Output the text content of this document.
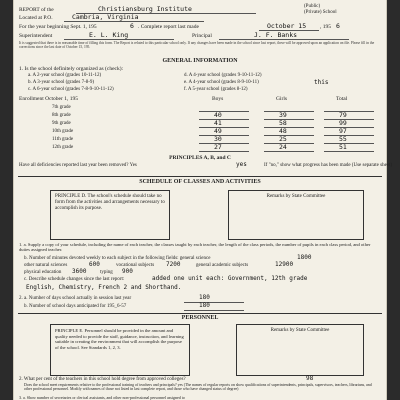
(Public)
REPORT of the	Christiansburg Institute	(Private) School
Located at P.O.	Cambria, Virginia
For the year beginning Sept. 1, 195	6 . Complete report last made	October 15	, 195 6
Superintendent	E. L. King	Principal	J. F. Banks
It is suggested that there is in reasonable time of filling this form. The Report is related to this particular school only. If any changes have been made in the school since last report, these will be approved upon an application on file. Please fill in the corrections since the last date of October 15, 195.
GENERAL INFORMATION
1. Is the school definitely organized as (check):
a. A 2-year school (grades 10-11-12)
b. A 3-year school (grades 7-8-9)
c. A 6-year school (grades 7-8-9-10-11-12)
d. A 4-year school (grades 9-10-11-12)
e. A 4-year school (grades 8-9-10-11)
f. A 5-year school (grades 8-12)
this
Enrollment October 1, 195	Boys	Girls	Total
7th grade
8th grade	40	39	79
9th grade	41	58	99
10th grade	49	48	97
11th grade	30	25	55
12th grade	27	24	51
PRINCIPLES A, B, and C
Have all deficiencies reported last year been removed? Yes	yes	If "no," show what progress has been made (Use separate sheet)
SCHEDULE OF CLASSES AND ACTIVITIES
PRINCIPLE D. The school's schedule should take no form from the activities and arrangements necessary to accomplish its purpose.
Remarks by State Committee
1. a. Supply a copy of your schedule, including the name of each teacher, the classes taught by each teacher, the length of the class periods, the number of pupils in each class period, and other duties assigned teacher.
b. Number of minutes devoted weekly to each subject in the following fields: general science	1800
other natural sciences	600	vocational subjects 7200	general academic subjects	12900
physical education 3600	typing 900
c. Describe schedule changes since the last report:	added one unit each: Government, 12th grade
English, Chemistry, French 2 and Shorthand.
2. a. Number of days school actually in session last year	180
b. Number of school days anticipated for 195_6-57	180
PERSONNEL
PRINCIPLE E. Personnel should be provided in the amount and quality needed to provide the staff, guidance, instruction, and learning suitable in creating the environment that will accomplish the purpose of the school. See Standards 1, 2, 3.
Remarks by State Committee
2. What per cent of the teachers in this school hold degree from approved colleges?	98
Does the school meet requirements relative to the professional training of teachers and principals? yes (The names of regular reports on show qualifications of superintendents, principals, supervisors, teachers, librarians, and other professional personnel. Modify with names of those not listed in last complete report, and those who have changed status of degree)
3. a. Show number of secretaries or clerical assistants, and other non-professional personnel assigned to
